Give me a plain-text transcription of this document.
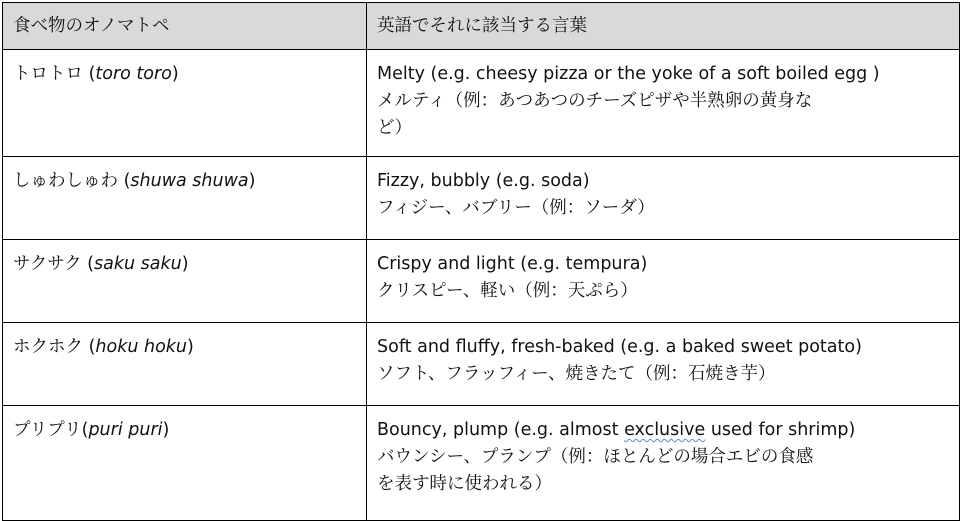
食べ物のオノマトペ	英語でそれに該当する言葉
トロトロ (toro toro)	Melty (e.g. cheesy pizza or the yoke of a soft boiled egg )
メルティ（例：あつあつのチーズピザや半熟卵の黄身な
ど）

しゅわしゅわ (shuwa shuwa)	Fizzy, bubbly (e.g. soda)
フィジー、バブリー（例：ソーダ）

サクサク (saku saku)	Crispy and light (e.g. tempura)
クリスピー、軽い（例：天ぷら）

ホクホク (hoku hoku)	Soft and fluffy, fresh-baked (e.g. a baked sweet potato)
ソフト、フラッフィー、焼きたて（例：石焼き芋）

プリプリ(puri puri)	Bouncy, plump (e.g. almost exclusive used for shrimp)
バウンシー、プランプ（例：ほとんどの場合エビの食感
を表す時に使われる）
